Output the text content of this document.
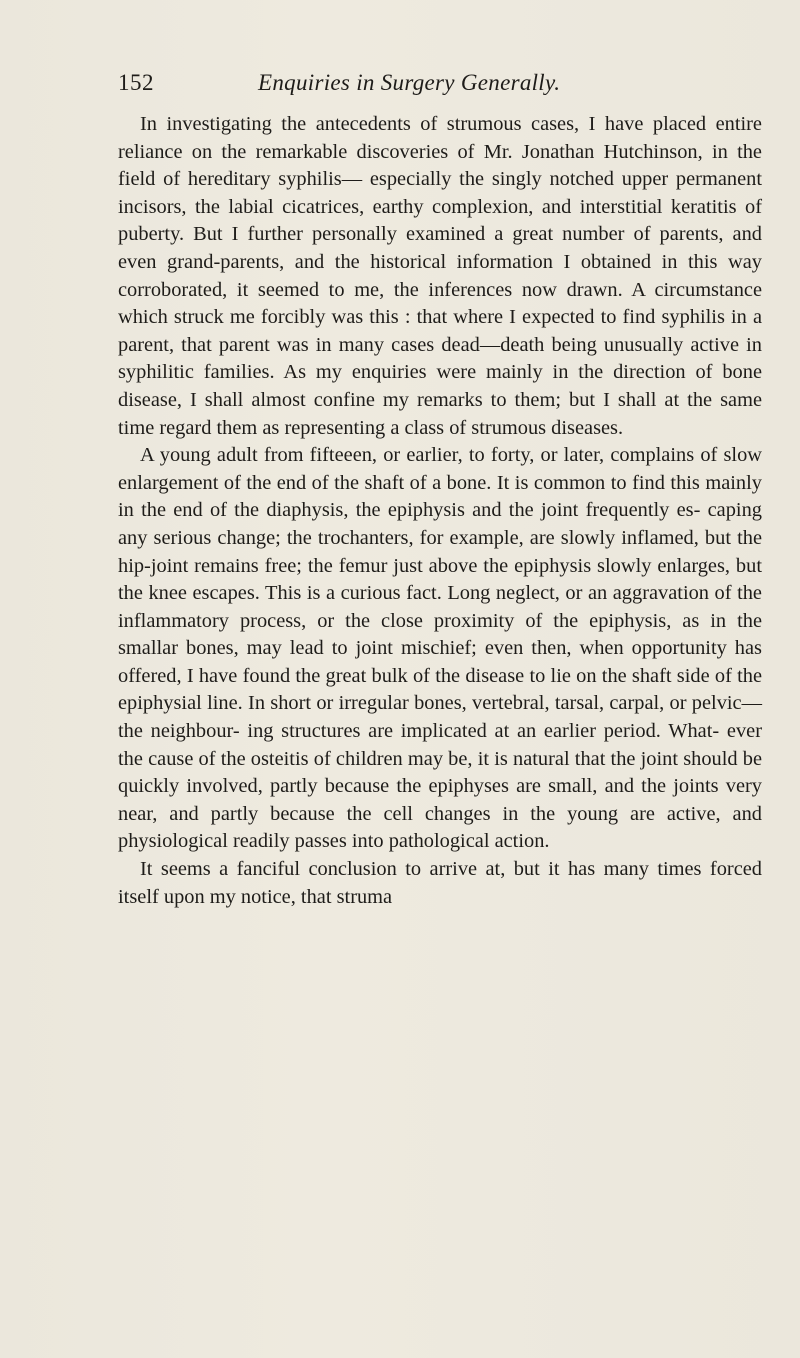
152	Enquiries in Surgery Generally.

In investigating the antecedents of strumous cases, I have placed entire reliance on the remarkable discoveries of Mr. Jonathan Hutchinson, in the field of hereditary syphilis— especially the singly notched upper permanent incisors, the labial cicatrices, earthy complexion, and interstitial keratitis of puberty. But I further personally examined a great number of parents, and even grand-parents, and the historical information I obtained in this way corroborated, it seemed to me, the inferences now drawn. A circumstance which struck me forcibly was this : that where I expected to find syphilis in a parent, that parent was in many cases dead—death being unusually active in syphilitic families. As my enquiries were mainly in the direction of bone disease, I shall almost confine my remarks to them; but I shall at the same time regard them as representing a class of strumous diseases.

A young adult from fifteeen, or earlier, to forty, or later, complains of slow enlargement of the end of the shaft of a bone. It is common to find this mainly in the end of the diaphysis, the epiphysis and the joint frequently es- caping any serious change; the trochanters, for example, are slowly inflamed, but the hip-joint remains free; the femur just above the epiphysis slowly enlarges, but the knee escapes. This is a curious fact. Long neglect, or an aggravation of the inflammatory process, or the close proximity of the epiphysis, as in the smallar bones, may lead to joint mischief; even then, when opportunity has offered, I have found the great bulk of the disease to lie on the shaft side of the epiphysial line. In short or irregular bones, vertebral, tarsal, carpal, or pelvic—the neighbour- ing structures are implicated at an earlier period. What- ever the cause of the osteitis of children may be, it is natural that the joint should be quickly involved, partly because the epiphyses are small, and the joints very near, and partly because the cell changes in the young are active, and physiological readily passes into pathological action.

It seems a fanciful conclusion to arrive at, but it has many times forced itself upon my notice, that struma
